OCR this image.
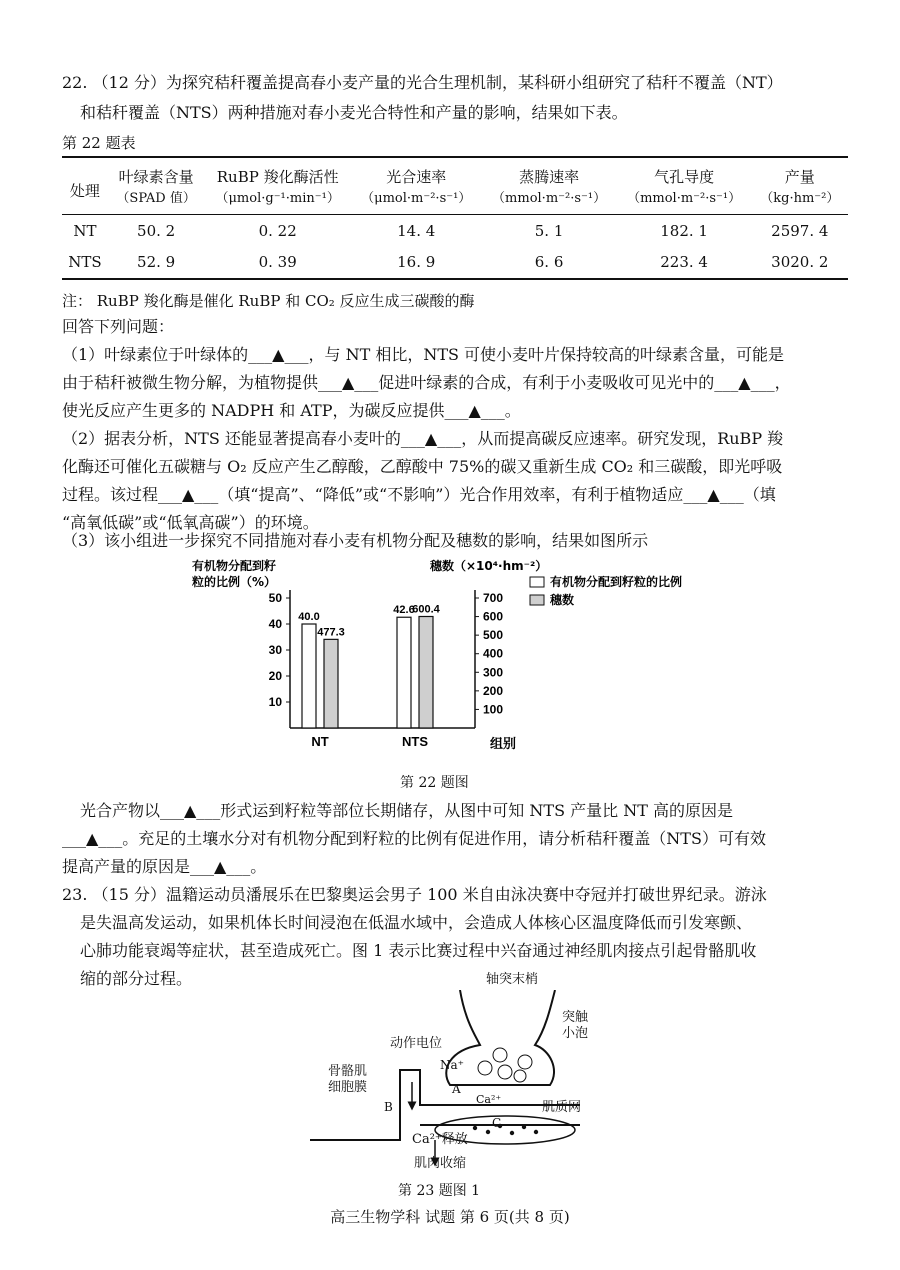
22. （12 分）为探究秸秆覆盖提高春小麦产量的光合生理机制，某科研小组研究了秸秆不覆盖（NT）
和秸秆覆盖（NTS）两种措施对春小麦光合特性和产量的影响，结果如下表。
第 22 题表
处理	叶绿素含量	RuBP 羧化酶活性	光合速率	蒸腾速率	气孔导度	产量
	（SPAD 值）	（μmol·g⁻¹·min⁻¹）	（μmol·m⁻²·s⁻¹）	（mmol·m⁻²·s⁻¹）	（mmol·m⁻²·s⁻¹）	（kg·hm⁻²）
NT	50. 2	0. 22	14. 4	5. 1	182. 1	2597. 4
NTS	52. 9	0. 39	16. 9	6. 6	223. 4	3020. 2
注： RuBP 羧化酶是催化 RuBP 和 CO₂ 反应生成三碳酸的酶
回答下列问题：
（1）叶绿素位于叶绿体的___▲___，与 NT 相比，NTS 可使小麦叶片保持较高的叶绿素含量，可能是
由于秸秆被微生物分解，为植物提供___▲___促进叶绿素的合成，有利于小麦吸收可见光中的___▲___，
使光反应产生更多的 NADPH 和 ATP，为碳反应提供___▲___。
（2）据表分析，NTS 还能显著提高春小麦叶的___▲___，从而提高碳反应速率。研究发现，RuBP 羧
化酶还可催化五碳糖与 O₂ 反应产生乙醇酸，乙醇酸中 75%的碳又重新生成 CO₂ 和三碳酸，即光呼吸
过程。该过程___▲___（填“提高”、“降低”或“不影响”）光合作用效率，有利于植物适应___▲___（填
“高氧低碳”或“低氧高碳”）的环境。
（3）该小组进一步探究不同措施对春小麦有机物分配及穗数的影响，结果如图所示
10
20
30
40
50
100
200
300
400
500
600
700
有机物分配到籽
粒的比例（%）
穗数（×10⁴·hm⁻²）
组别
NT
40.0
477.3
NTS
42.6
600.4
有机物分配到籽粒的比例
穗数
第 22 题图
光合产物以___▲___形式运到籽粒等部位长期储存，从图中可知 NTS 产量比 NT 高的原因是
___▲___。充足的土壤水分对有机物分配到籽粒的比例有促进作用，请分析秸秆覆盖（NTS）可有效
提高产量的原因是___▲___。
23. （15 分）温籍运动员潘展乐在巴黎奥运会男子 100 米自由泳决赛中夺冠并打破世界纪录。游泳
是失温高发运动，如果机体长时间浸泡在低温水域中，会造成人体核心区温度降低而引发寒颤、
心肺功能衰竭等症状，甚至造成死亡。图 1 表示比赛过程中兴奋通过神经肌肉接点引起骨骼肌收
缩的部分过程。	轴突末梢
突触
小泡
动作电位
骨骼肌
细胞膜
Na⁺
A
B
C
Ca²⁺
肌质网
Ca²⁺释放
肌肉收缩
第 23 题图 1
高三生物学科 试题 第 6 页(共 8 页)
